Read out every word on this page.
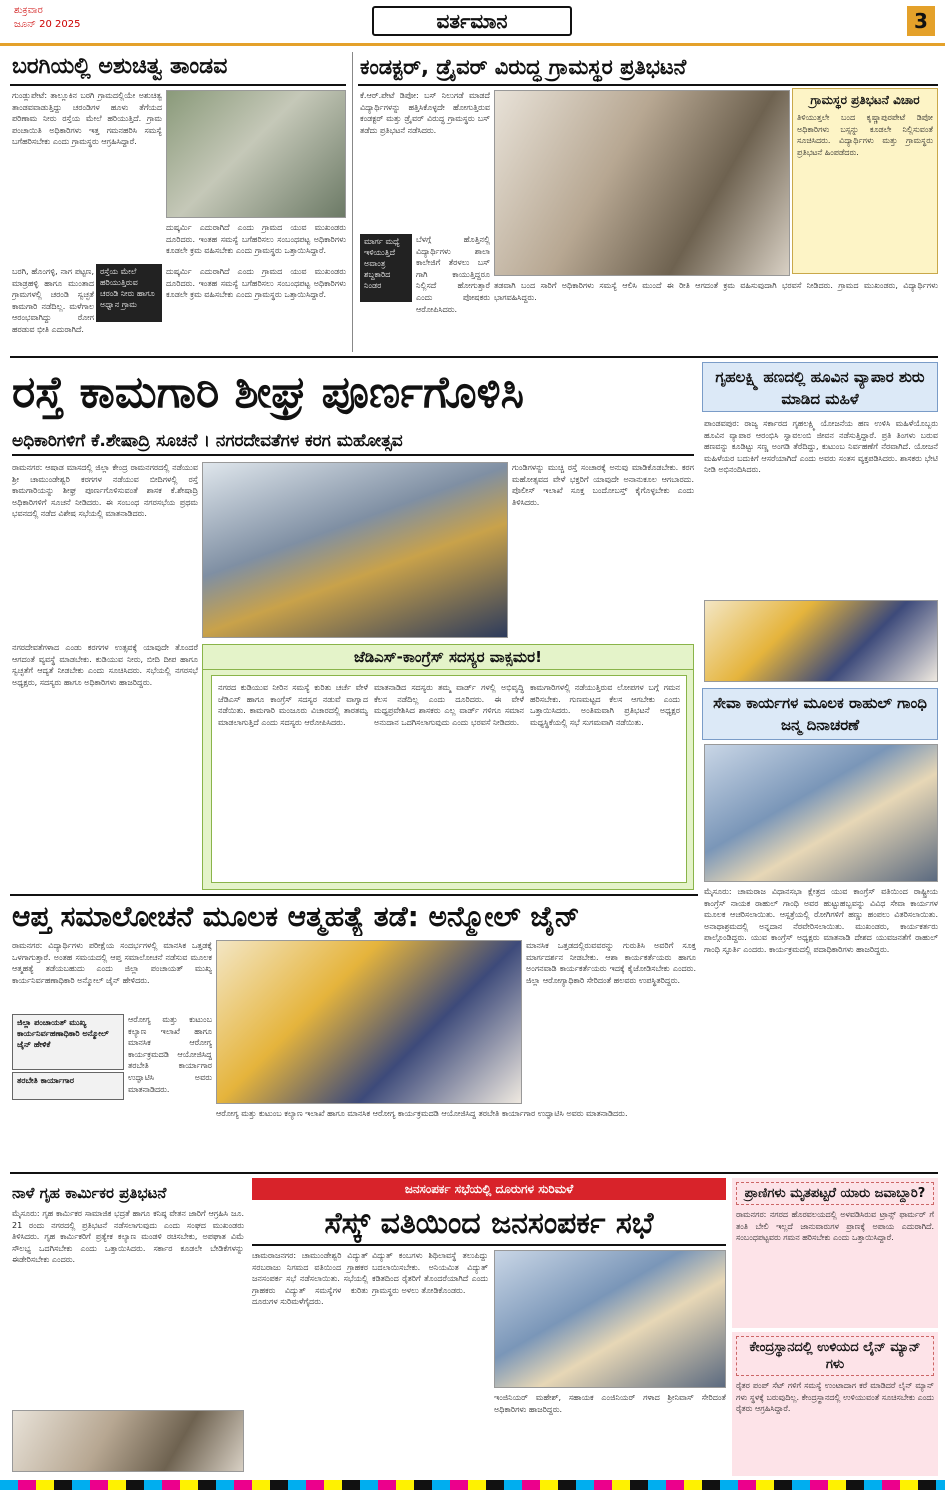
ಶುಕ್ರವಾರ
ಜೂನ್ 20 2025	ವರ್ತಮಾನ	3
ಬರಗಿಯಲ್ಲಿ ಅಶುಚಿತ್ವ ತಾಂಡವ
ಗುಂಡ್ಲುಪೇಟೆ: ತಾಲ್ಲೂಕಿನ ಬರಗಿ ಗ್ರಾಮದಲ್ಲಿಯೇ ಅಶುಚಿತ್ವ ತಾಂಡವವಾಡುತ್ತಿದ್ದು ಚರಂಡಿಗಳ ಹೂಳು ತೆಗೆಯದ ಪರಿಣಾಮ ನೀರು ರಸ್ತೆಯ ಮೇಲೆ ಹರಿಯುತ್ತಿದೆ. ಗ್ರಾಮ ಪಂಚಾಯಿತಿ ಅಧಿಕಾರಿಗಳು ಇತ್ತ ಗಮನಹರಿಸಿ ಸಮಸ್ಯೆ ಬಗೆಹರಿಸಬೇಕು ಎಂದು ಗ್ರಾಮಸ್ಥರು ಆಗ್ರಹಿಸಿದ್ದಾರೆ.
ದುಷ್ಕರ್ಮಿ ಎದುರಾಗಿದೆ ಎಂದು ಗ್ರಾಮದ ಯುವ ಮುಖಂಡರು ದೂರಿದರು. ಇಂತಹ ಸಮಸ್ಯೆ ಬಗೆಹರಿಸಲು ಸಂಬಂಧಪಟ್ಟ ಅಧಿಕಾರಿಗಳು ಕೂಡಲೇ ಕ್ರಮ ವಹಿಸಬೇಕು ಎಂದು ಗ್ರಾಮಸ್ಥರು ಒತ್ತಾಯಿಸಿದ್ದಾರೆ.
ಬರಗಿ, ಹೊಂಗಳ್ಳಿ, ನಾಗ ಪಟ್ಟಣ, ಮಾಡ್ರಹಳ್ಳಿ ಹಾಗೂ ಮುಂತಾದ ಗ್ರಾಮಗಳಲ್ಲಿ ಚರಂಡಿ ಸ್ವಚ್ಛತೆ ಕಾಮಗಾರಿ ನಡೆದಿಲ್ಲ. ಮಳೆಗಾಲ ಆರಂಭವಾಗಿದ್ದು ರೋಗ ಹರಡುವ ಭೀತಿ ಎದುರಾಗಿದೆ.
ರಸ್ತೆಯ ಮೇಲೆ ಹರಿಯುತ್ತಿರುವ ಚರಂಡಿ ನೀರು ಹಾಗೂ ಅಧ್ವಾನ ಗ್ರಾಮ
ದುಷ್ಕರ್ಮಿ ಎದುರಾಗಿದೆ ಎಂದು ಗ್ರಾಮದ ಯುವ ಮುಖಂಡರು ದೂರಿದರು. ಇಂತಹ ಸಮಸ್ಯೆ ಬಗೆಹರಿಸಲು ಸಂಬಂಧಪಟ್ಟ ಅಧಿಕಾರಿಗಳು ಕೂಡಲೇ ಕ್ರಮ ವಹಿಸಬೇಕು ಎಂದು ಗ್ರಾಮಸ್ಥರು ಒತ್ತಾಯಿಸಿದ್ದಾರೆ.
ಕಂಡಕ್ಟರ್, ಡ್ರೈವರ್ ವಿರುದ್ಧ ಗ್ರಾಮಸ್ಥರ ಪ್ರತಿಭಟನೆ
ಕೆ.ಆರ್.ಪೇಟೆ ಡಿಪೋ: ಬಸ್ ನಿಲುಗಡೆ ಮಾಡದೆ ವಿದ್ಯಾರ್ಥಿಗಳನ್ನು ಹತ್ತಿಸಿಕೊಳ್ಳದೇ ಹೋಗುತ್ತಿರುವ ಕಂಡಕ್ಟರ್ ಮತ್ತು ಡ್ರೈವರ್ ವಿರುದ್ಧ ಗ್ರಾಮಸ್ಥರು ಬಸ್ ತಡೆದು ಪ್ರತಿಭಟನೆ ನಡೆಸಿದರು.
ಗ್ರಾಮಸ್ಥರ ಪ್ರತಿಭಟನೆ ವಿಚಾರ
ತಿಳಿಯುತ್ತಲೇ ಬಂದ ಕೃಷ್ಣಾಪುರಪೇಟೆ ಡಿಪೋ ಅಧಿಕಾರಿಗಳು ಬಸ್ಸನ್ನು ಕೂಡಲೇ ನಿಲ್ಲಿಸುವಂತೆ ಸೂಚಿಸಿದರು. ವಿದ್ಯಾರ್ಥಿಗಳು ಮತ್ತು ಗ್ರಾಮಸ್ಥರು ಪ್ರತಿಭಟನೆ ಹಿಂಪಡೆದರು.
ಮಾರ್ಗ ಮಧ್ಯೆ ಇಳಿಯುತ್ತಿದೆ ಅವಾಂತ್ರ ಶಬ್ದಕಾರಿದ ನಿಂಡರ
ಬೆಳಗ್ಗೆ ಹೊತ್ತಿನಲ್ಲಿ ವಿದ್ಯಾರ್ಥಿಗಳು ಶಾಲಾ ಕಾಲೇಜಿಗೆ ತೆರಳಲು ಬಸ್ ಗಾಗಿ ಕಾಯುತ್ತಿದ್ದರೂ ನಿಲ್ಲಿಸದೆ ಹೋಗುತ್ತಾರೆ ಎಂದು ಪೋಷಕರು ಆರೋಪಿಸಿದರು.
ತಡವಾಗಿ ಬಂದ ಸಾರಿಗೆ ಅಧಿಕಾರಿಗಳು ಸಮಸ್ಯೆ ಆಲಿಸಿ ಮುಂದೆ ಈ ರೀತಿ ಆಗದಂತೆ ಕ್ರಮ ವಹಿಸುವುದಾಗಿ ಭರವಸೆ ನೀಡಿದರು. ಗ್ರಾಮದ ಮುಖಂಡರು, ವಿದ್ಯಾರ್ಥಿಗಳು ಭಾಗವಹಿಸಿದ್ದರು.
ರಸ್ತೆ ಕಾಮಗಾರಿ ಶೀಘ್ರ ಪೂರ್ಣಗೊಳಿಸಿ
ಅಧಿಕಾರಿಗಳಿಗೆ ಕೆ.ಶೇಷಾದ್ರಿ ಸೂಚನೆ । ನಗರದೇವತೆಗಳ ಕರಗ ಮಹೋತ್ಸವ
ರಾಮನಗರ: ಆಷಾಡ ಮಾಸದಲ್ಲಿ ಜಿಲ್ಲಾ ಕೇಂದ್ರ ರಾಮನಗರದಲ್ಲಿ ನಡೆಯುವ ಶ್ರೀ ಚಾಮುಂಡೇಶ್ವರಿ ಕರಗಗಳ ನಡೆಯುವ ಬೀದಿಗಳಲ್ಲಿ ರಸ್ತೆ ಕಾಮಗಾರಿಯನ್ನು ಶೀಘ್ರ ಪೂರ್ಣಗೊಳಿಸುವಂತೆ ಶಾಸಕ ಕೆ.ಶೇಷಾದ್ರಿ ಅಧಿಕಾರಿಗಳಿಗೆ ಸೂಚನೆ ನೀಡಿದರು. ಈ ಸಂಬಂಧ ನಗರಸಭೆಯ ಪ್ರಥಮ ಭವನದಲ್ಲಿ ನಡೆದ ವಿಶೇಷ ಸಭೆಯಲ್ಲಿ ಮಾತನಾಡಿದರು.
ಗುಂಡಿಗಳನ್ನು ಮುಚ್ಚಿ ರಸ್ತೆ ಸಂಚಾರಕ್ಕೆ ಅನುವು ಮಾಡಿಕೊಡಬೇಕು. ಕರಗ ಮಹೋತ್ಸವದ ವೇಳೆ ಭಕ್ತರಿಗೆ ಯಾವುದೇ ಅನಾನುಕೂಲ ಆಗಬಾರದು. ಪೊಲೀಸ್ ಇಲಾಖೆ ಸೂಕ್ತ ಬಂದೋಬಸ್ತ್ ಕೈಗೊಳ್ಳಬೇಕು ಎಂದು ತಿಳಿಸಿದರು.
ನಗರದೇವತೆಗಳಾದ ಎಂಡು ಕರಗಗಳ ಉತ್ಸವಕ್ಕೆ ಯಾವುದೇ ತೊಂದರೆ ಆಗದಂತೆ ವ್ಯವಸ್ಥೆ ಮಾಡಬೇಕು. ಕುಡಿಯುವ ನೀರು, ಬೀದಿ ದೀಪ ಹಾಗೂ ಸ್ವಚ್ಛತೆಗೆ ಆದ್ಯತೆ ನೀಡಬೇಕು ಎಂದು ಸೂಚಿಸಿದರು. ಸಭೆಯಲ್ಲಿ ನಗರಸಭೆ ಅಧ್ಯಕ್ಷರು, ಸದಸ್ಯರು ಹಾಗೂ ಅಧಿಕಾರಿಗಳು ಹಾಜರಿದ್ದರು.
ಜೆಡಿಎಸ್-ಕಾಂಗ್ರೆಸ್ ಸದಸ್ಯರ ವಾಕ್ಸಮರ!
ನಗರದ ಕುಡಿಯುವ ನೀರಿನ ಸಮಸ್ಯೆ ಕುರಿತು ಚರ್ಚೆ ವೇಳೆ ಜೆಡಿಎಸ್ ಹಾಗೂ ಕಾಂಗ್ರೆಸ್ ಸದಸ್ಯರ ನಡುವೆ ವಾಗ್ವಾದ ನಡೆಯಿತು. ಕಾಮಗಾರಿ ಮಂಜೂರು ವಿಚಾರದಲ್ಲಿ ತಾರತಮ್ಯ ಮಾಡಲಾಗುತ್ತಿದೆ ಎಂದು ಸದಸ್ಯರು ಆರೋಪಿಸಿದರು.
ಮಾತನಾಡಿದ ಸದಸ್ಯರು ತಮ್ಮ ವಾರ್ಡ್ ಗಳಲ್ಲಿ ಅಭಿವೃದ್ಧಿ ಕೆಲಸ ನಡೆದಿಲ್ಲ ಎಂದು ದೂರಿದರು. ಈ ವೇಳೆ ಮಧ್ಯಪ್ರವೇಶಿಸಿದ ಶಾಸಕರು ಎಲ್ಲ ವಾರ್ಡ್ ಗಳಿಗೂ ಸಮಾನ ಅನುದಾನ ಒದಗಿಸಲಾಗುವುದು ಎಂದು ಭರವಸೆ ನೀಡಿದರು.
ಕಾಮಗಾರಿಗಳಲ್ಲಿ ನಡೆಯುತ್ತಿರುವ ಲೋಪಗಳ ಬಗ್ಗೆ ಗಮನ ಹರಿಸಬೇಕು. ಗುಣಮಟ್ಟದ ಕೆಲಸ ಆಗಬೇಕು ಎಂದು ಒತ್ತಾಯಿಸಿದರು. ಅಂತಿಮವಾಗಿ ಪ್ರತಿಭಟನೆ ಅಧ್ಯಕ್ಷರ ಮಧ್ಯಸ್ಥಿಕೆಯಲ್ಲಿ ಸಭೆ ಸುಗಮವಾಗಿ ನಡೆಯಿತು.
ಗೃಹಲಕ್ಷ್ಮಿ ಹಣದಲ್ಲಿ ಹೂವಿನ ವ್ಯಾಪಾರ ಶುರು ಮಾಡಿದ ಮಹಿಳೆ
ಪಾಂಡವಪುರ: ರಾಜ್ಯ ಸರ್ಕಾರದ ಗೃಹಲಕ್ಷ್ಮಿ ಯೋಜನೆಯ ಹಣ ಉಳಿಸಿ ಮಹಿಳೆಯೊಬ್ಬರು ಹೂವಿನ ವ್ಯಾಪಾರ ಆರಂಭಿಸಿ ಸ್ವಾವಲಂಬಿ ಜೀವನ ನಡೆಸುತ್ತಿದ್ದಾರೆ. ಪ್ರತಿ ತಿಂಗಳು ಬರುವ ಹಣವನ್ನು ಕೂಡಿಟ್ಟು ಸಣ್ಣ ಅಂಗಡಿ ತೆರೆದಿದ್ದು, ಕುಟುಂಬ ನಿರ್ವಹಣೆಗೆ ನೆರವಾಗಿದೆ. ಯೋಜನೆ ಮಹಿಳೆಯರ ಬದುಕಿಗೆ ಆಸರೆಯಾಗಿದೆ ಎಂದು ಅವರು ಸಂತಸ ವ್ಯಕ್ತಪಡಿಸಿದರು. ಶಾಸಕರು ಭೇಟಿ ನೀಡಿ ಅಭಿನಂದಿಸಿದರು.
ಸೇವಾ ಕಾರ್ಯಗಳ ಮೂಲಕ ರಾಹುಲ್ ಗಾಂಧಿ ಜನ್ಮ ದಿನಾಚರಣೆ
ಮೈಸೂರು: ಚಾಮರಾಜ ವಿಧಾನಸಭಾ ಕ್ಷೇತ್ರದ ಯುವ ಕಾಂಗ್ರೆಸ್ ವತಿಯಿಂದ ರಾಷ್ಟ್ರೀಯ ಕಾಂಗ್ರೆಸ್ ನಾಯಕ ರಾಹುಲ್ ಗಾಂಧಿ ಅವರ ಹುಟ್ಟುಹಬ್ಬವನ್ನು ವಿವಿಧ ಸೇವಾ ಕಾರ್ಯಗಳ ಮೂಲಕ ಆಚರಿಸಲಾಯಿತು. ಆಸ್ಪತ್ರೆಯಲ್ಲಿ ರೋಗಿಗಳಿಗೆ ಹಣ್ಣು ಹಂಪಲು ವಿತರಿಸಲಾಯಿತು. ಅನಾಥಾಶ್ರಮದಲ್ಲಿ ಅನ್ನದಾನ ನೆರವೇರಿಸಲಾಯಿತು. ಮುಖಂಡರು, ಕಾರ್ಯಕರ್ತರು ಪಾಲ್ಗೊಂಡಿದ್ದರು. ಯುವ ಕಾಂಗ್ರೆಸ್ ಅಧ್ಯಕ್ಷರು ಮಾತನಾಡಿ ದೇಶದ ಯುವಜನತೆಗೆ ರಾಹುಲ್ ಗಾಂಧಿ ಸ್ಫೂರ್ತಿ ಎಂದರು. ಕಾರ್ಯಕ್ರಮದಲ್ಲಿ ಪದಾಧಿಕಾರಿಗಳು ಹಾಜರಿದ್ದರು.
ಆಪ್ತ ಸಮಾಲೋಚನೆ ಮೂಲಕ ಆತ್ಮಹತ್ಯೆ ತಡೆ: ಅನ್ಮೋಲ್ ಜೈನ್
ರಾಮನಗರ: ವಿದ್ಯಾರ್ಥಿಗಳು ಪರೀಕ್ಷೆಯ ಸಂದರ್ಭಗಳಲ್ಲಿ ಮಾನಸಿಕ ಒತ್ತಡಕ್ಕೆ ಒಳಗಾಗುತ್ತಾರೆ. ಅಂತಹ ಸಮಯದಲ್ಲಿ ಆಪ್ತ ಸಮಾಲೋಚನೆ ನಡೆಸುವ ಮೂಲಕ ಆತ್ಮಹತ್ಯೆ ತಡೆಯಬಹುದು ಎಂದು ಜಿಲ್ಲಾ ಪಂಚಾಯತ್ ಮುಖ್ಯ ಕಾರ್ಯನಿರ್ವಹಣಾಧಿಕಾರಿ ಅನ್ಮೋಲ್ ಜೈನ್ ಹೇಳಿದರು.
ಜಿಲ್ಲಾ ಪಂಚಾಯತ್ ಮುಖ್ಯ ಕಾರ್ಯನಿರ್ವಹಣಾಧಿಕಾರಿ ಅನ್ಮೋಲ್ ಜೈನ್ ಹೇಳಿಕೆ
ತರಬೇತಿ ಕಾರ್ಯಾಗಾರ
ಆರೋಗ್ಯ ಮತ್ತು ಕುಟುಂಬ ಕಲ್ಯಾಣ ಇಲಾಖೆ ಹಾಗೂ ಮಾನಸಿಕ ಆರೋಗ್ಯ ಕಾರ್ಯಕ್ರಮದಡಿ ಆಯೋಜಿಸಿದ್ದ ತರಬೇತಿ ಕಾರ್ಯಾಗಾರ ಉದ್ಘಾಟಿಸಿ ಅವರು ಮಾತನಾಡಿದರು.
ಮಾನಸಿಕ ಒತ್ತಡದಲ್ಲಿರುವವರನ್ನು ಗುರುತಿಸಿ ಅವರಿಗೆ ಸೂಕ್ತ ಮಾರ್ಗದರ್ಶನ ನೀಡಬೇಕು. ಆಶಾ ಕಾರ್ಯಕರ್ತೆಯರು ಹಾಗೂ ಅಂಗನವಾಡಿ ಕಾರ್ಯಕರ್ತೆಯರು ಇದಕ್ಕೆ ಕೈಜೋಡಿಸಬೇಕು ಎಂದರು. ಜಿಲ್ಲಾ ಆರೋಗ್ಯಾಧಿಕಾರಿ ಸೇರಿದಂತೆ ಹಲವರು ಉಪಸ್ಥಿತರಿದ್ದರು.
ಆರೋಗ್ಯ ಮತ್ತು ಕುಟುಂಬ ಕಲ್ಯಾಣ ಇಲಾಖೆ ಹಾಗೂ ಮಾನಸಿಕ ಆರೋಗ್ಯ ಕಾರ್ಯಕ್ರಮದಡಿ ಆಯೋಜಿಸಿದ್ದ ತರಬೇತಿ ಕಾರ್ಯಾಗಾರ ಉದ್ಘಾಟಿಸಿ ಅವರು ಮಾತನಾಡಿದರು.
ನಾಳೆ ಗೃಹ ಕಾರ್ಮಿಕರ ಪ್ರತಿಭಟನೆ
ಮೈಸೂರು: ಗೃಹ ಕಾರ್ಮಿಕರ ಸಾಮಾಜಿಕ ಭದ್ರತೆ ಹಾಗೂ ಕನಿಷ್ಠ ವೇತನ ಜಾರಿಗೆ ಆಗ್ರಹಿಸಿ ಜೂ. 21 ರಂದು ನಗರದಲ್ಲಿ ಪ್ರತಿಭಟನೆ ನಡೆಸಲಾಗುವುದು ಎಂದು ಸಂಘದ ಮುಖಂಡರು ತಿಳಿಸಿದರು. ಗೃಹ ಕಾರ್ಮಿಕರಿಗೆ ಪ್ರತ್ಯೇಕ ಕಲ್ಯಾಣ ಮಂಡಳಿ ರಚಿಸಬೇಕು, ಅಪಘಾತ ವಿಮೆ ಸೌಲಭ್ಯ ಒದಗಿಸಬೇಕು ಎಂದು ಒತ್ತಾಯಿಸಿದರು. ಸರ್ಕಾರ ಕೂಡಲೇ ಬೇಡಿಕೆಗಳನ್ನು ಈಡೇರಿಸಬೇಕು ಎಂದರು.
ಜನಸಂಪರ್ಕ ಸಭೆಯಲ್ಲಿ ದೂರುಗಳ ಸುರಿಮಳೆ
ಸೆಸ್ಕ್ ವತಿಯಿಂದ ಜನಸಂಪರ್ಕ ಸಭೆ
ಚಾಮರಾಜನಗರ: ಚಾಮುಂಡೇಶ್ವರಿ ವಿದ್ಯುತ್ ಸರಬರಾಜು ನಿಗಮದ ವತಿಯಿಂದ ಗ್ರಾಹಕರ ಜನಸಂಪರ್ಕ ಸಭೆ ನಡೆಸಲಾಯಿತು. ಸಭೆಯಲ್ಲಿ ಗ್ರಾಹಕರು ವಿದ್ಯುತ್ ಸಮಸ್ಯೆಗಳ ಕುರಿತು ದೂರುಗಳ ಸುರಿಮಳೆಗೈದರು.
ವಿದ್ಯುತ್ ಕಂಬಗಳು ಶಿಥಿಲಾವಸ್ಥೆ ತಲುಪಿದ್ದು ಬದಲಾಯಿಸಬೇಕು. ಅನಿಯಮಿತ ವಿದ್ಯುತ್ ಕಡಿತದಿಂದ ರೈತರಿಗೆ ತೊಂದರೆಯಾಗಿದೆ ಎಂದು ಗ್ರಾಮಸ್ಥರು ಅಳಲು ತೋಡಿಕೊಂಡರು.
ಇಂಜಿನಿಯರ್ ಮಹೇಶ್, ಸಹಾಯಕ ಎಂಜಿನಿಯರ್ ಗಳಾದ ಶ್ರೀನಿವಾಸ್ ಸೇರಿದಂತೆ ಅಧಿಕಾರಿಗಳು ಹಾಜರಿದ್ದರು.
ಪ್ರಾಣಿಗಳು ಮೃತಪಟ್ಟರೆ ಯಾರು ಜವಾಬ್ದಾರಿ?
ರಾಮನಗರ: ನಗರದ ಹೊರವಲಯದಲ್ಲಿ ಅಳವಡಿಸಿರುವ ಟ್ರಾನ್ಸ್ ಫಾರ್ಮರ್ ಗೆ ತಂತಿ ಬೇಲಿ ಇಲ್ಲದೆ ಜಾನುವಾರುಗಳ ಪ್ರಾಣಕ್ಕೆ ಅಪಾಯ ಎದುರಾಗಿದೆ. ಸಂಬಂಧಪಟ್ಟವರು ಗಮನ ಹರಿಸಬೇಕು ಎಂದು ಒತ್ತಾಯಿಸಿದ್ದಾರೆ.
ಕೇಂದ್ರಸ್ಥಾನದಲ್ಲಿ ಉಳಿಯದ ಲೈನ್ ಮ್ಯಾನ್ ಗಳು
ರೈತರ ಪಂಪ್ ಸೆಟ್ ಗಳಿಗೆ ಸಮಸ್ಯೆ ಉಂಟಾದಾಗ ಕರೆ ಮಾಡಿದರೆ ಲೈನ್ ಮ್ಯಾನ್ ಗಳು ಸ್ಥಳಕ್ಕೆ ಬರುವುದಿಲ್ಲ. ಕೇಂದ್ರಸ್ಥಾನದಲ್ಲಿ ಉಳಿಯುವಂತೆ ಸೂಚಿಸಬೇಕು ಎಂದು ರೈತರು ಆಗ್ರಹಿಸಿದ್ದಾರೆ.
